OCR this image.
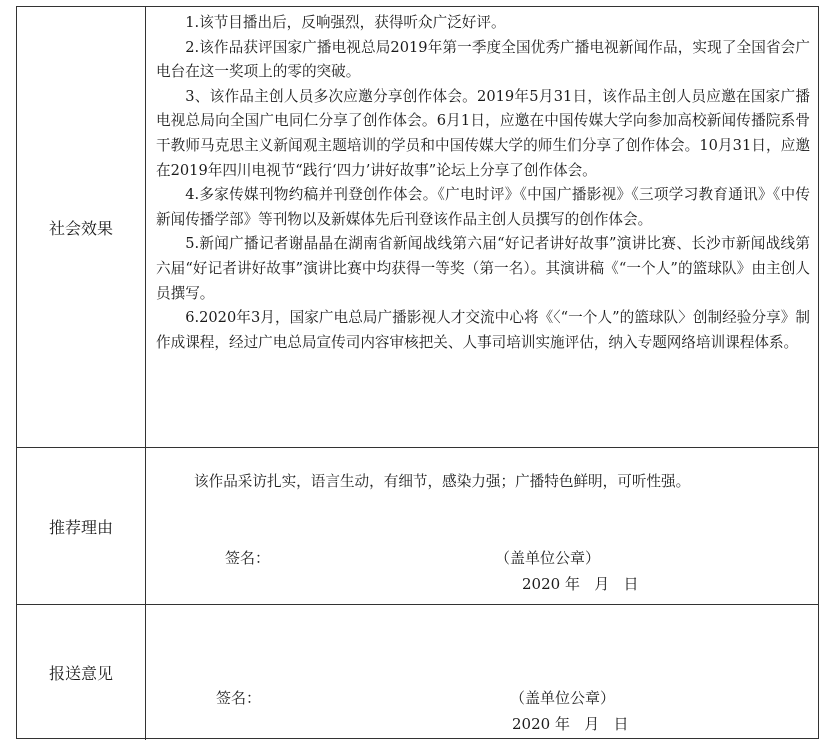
社会效果

1.该节目播出后，反响强烈，获得听众广泛好评。

2.该作品获评国家广播电视总局2019年第一季度全国优秀广播电视新闻作品，实现了全国省会广电台在这一奖项上的零的突破。

3、该作品主创人员多次应邀分享创作体会。2019年5月31日，该作品主创人员应邀在国家广播电视总局向全国广电同仁分享了创作体会。6月1日，应邀在中国传媒大学向参加高校新闻传播院系骨干教师马克思主义新闻观主题培训的学员和中国传媒大学的师生们分享了创作体会。10月31日，应邀在2019年四川电视节“践行‘四力’讲好故事”论坛上分享了创作体会。

4.多家传媒刊物约稿并刊登创作体会。《广电时评》《中国广播影视》《三项学习教育通讯》《中传新闻传播学部》等刊物以及新媒体先后刊登该作品主创人员撰写的创作体会。

5.新闻广播记者谢晶晶在湖南省新闻战线第六届“好记者讲好故事”演讲比赛、长沙市新闻战线第六届“好记者讲好故事”演讲比赛中均获得一等奖（第一名）。其演讲稿《“一个人”的篮球队》由主创人员撰写。

6.2020年3月，国家广电总局广播影视人才交流中心将《〈“一个人”的篮球队〉创制经验分享》制作成课程，经过广电总局宣传司内容审核把关、人事司培训实施评估，纳入专题网络培训课程体系。

推荐理由
该作品采访扎实，语言生动，有细节，感染力强；广播特色鲜明，可听性强。
签名：	（盖单位公章）
2020 年   月   日
报送意见
签名：	（盖单位公章）
2020 年   月   日
